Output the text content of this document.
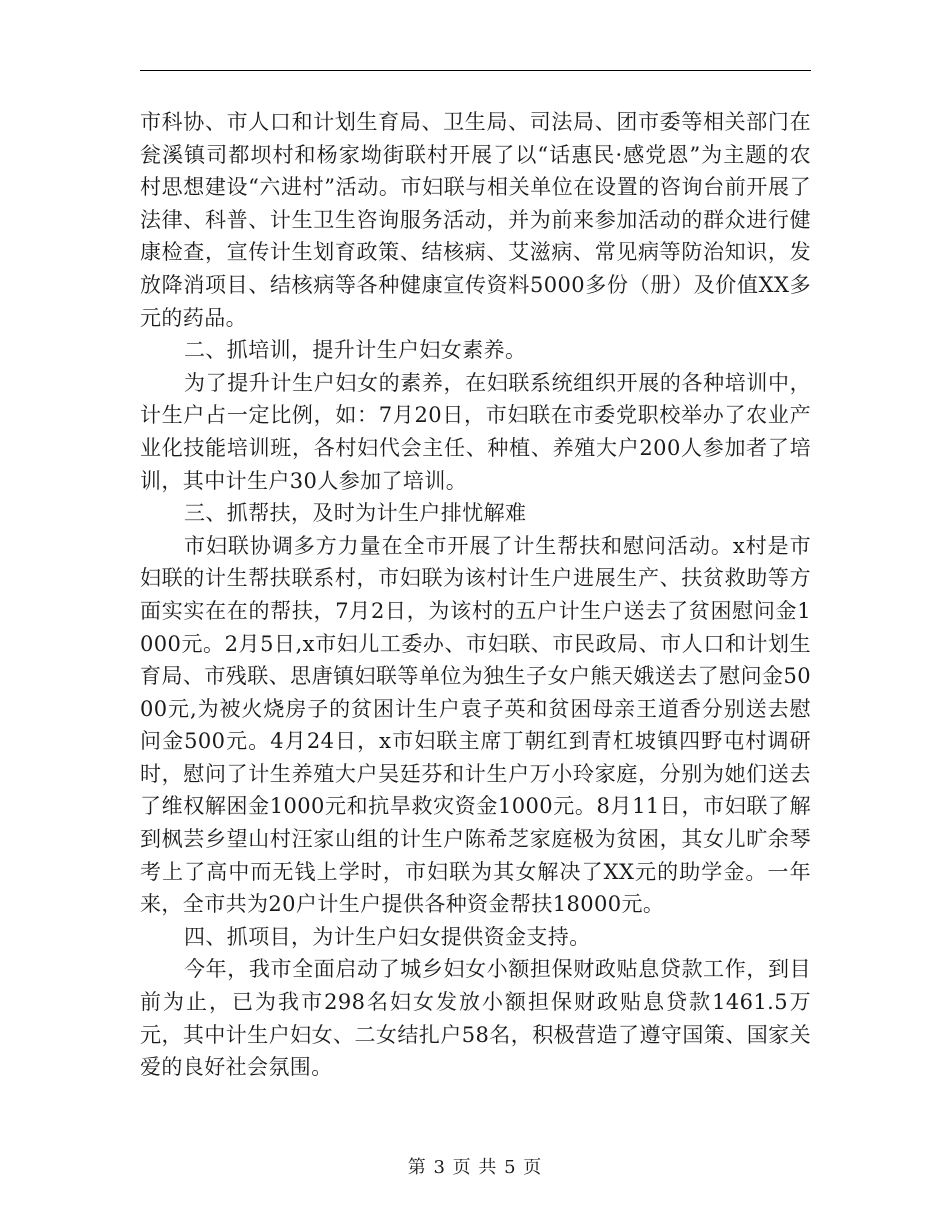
市科协、市人口和计划生育局、卫生局、司法局、团市委等相关部门在瓮溪镇司都坝村和杨家坳街联村开展了以“话惠民·感党恩”为主题的农村思想建设“六进村”活动。市妇联与相关单位在设置的咨询台前开展了法律、科普、计生卫生咨询服务活动，并为前来参加活动的群众进行健康检查，宣传计生划育政策、结核病、艾滋病、常见病等防治知识，发放降消项目、结核病等各种健康宣传资料5000多份（册）及价值XX多元的药品。

二、抓培训，提升计生户妇女素养。

为了提升计生户妇女的素养，在妇联系统组织开展的各种培训中，计生户占一定比例，如：7月20日，市妇联在市委党职校举办了农业产业化技能培训班，各村妇代会主任、种植、养殖大户200人参加者了培训，其中计生户30人参加了培训。

三、抓帮扶，及时为计生户排忧解难

市妇联协调多方力量在全市开展了计生帮扶和慰问活动。x村是市妇联的计生帮扶联系村，市妇联为该村计生户进展生产、扶贫救助等方面实实在在的帮扶，7月2日，为该村的五户计生户送去了贫困慰问金1000元。2月5日,x市妇儿工委办、市妇联、市民政局、市人口和计划生育局、市残联、思唐镇妇联等单位为独生子女户熊天娥送去了慰问金5000元,为被火烧房子的贫困计生户袁子英和贫困母亲王道香分别送去慰问金500元。4月24日，x市妇联主席丁朝红到青杠坡镇四野屯村调研时，慰问了计生养殖大户吴廷芬和计生户万小玲家庭，分别为她们送去了维权解困金1000元和抗旱救灾资金1000元。8月11日，市妇联了解到枫芸乡望山村汪家山组的计生户陈希芝家庭极为贫困，其女儿旷余琴考上了高中而无钱上学时，市妇联为其女解决了XX元的助学金。一年来，全市共为20户计生户提供各种资金帮扶18000元。

四、抓项目，为计生户妇女提供资金支持。

今年，我市全面启动了城乡妇女小额担保财政贴息贷款工作，到目前为止，已为我市298名妇女发放小额担保财政贴息贷款1461.5万元，其中计生户妇女、二女结扎户58名，积极营造了遵守国策、国家关爱的良好社会氛围。

第 3 页 共 5 页
